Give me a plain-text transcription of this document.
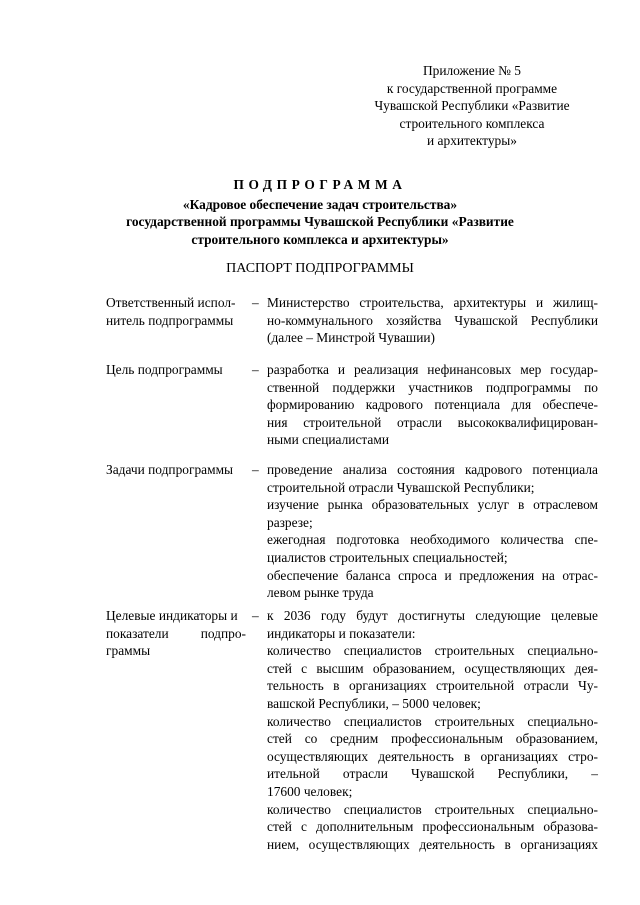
Приложение № 5
к государственной программе
Чувашской Республики «Развитие
строительного комплекса
и архитектуры»
ПОДПРОГРАММА
«Кадровое обеспечение задач строительства»
государственной программы Чувашской Республики «Развитие
строительного комплекса и архитектуры»
ПАСПОРТ ПОДПРОГРАММЫ
Ответственный испол-
нитель подпрограммы
– Министерство строительства, архитектуры и жилищ-
но-коммунального хозяйства Чувашской Республики
(далее – Минстрой Чувашии)
Цель подпрограммы	– разработка и реализация нефинансовых мер государ-
ственной поддержки участников подпрограммы по
формированию кадрового потенциала для обеспече-
ния строительной отрасли высококвалифицирован-
ными специалистами
Задачи подпрограммы	– проведение анализа состояния кадрового потенциала
строительной отрасли Чувашской Республики;
изучение рынка образовательных услуг в отраслевом
разрезе;
ежегодная подготовка необходимого количества спе-
циалистов строительных специальностей;
обеспечение баланса спроса и предложения на отрас-
левом рынке труда
Целевые индикаторы и
показатели подпро-
граммы
– к 2036 году будут достигнуты следующие целевые
индикаторы и показатели:
количество специалистов строительных специально-
стей с высшим образованием, осуществляющих дея-
тельность в организациях строительной отрасли Чу-
вашской Республики, – 5000 человек;
количество специалистов строительных специально-
стей со средним профессиональным образованием,
осуществляющих деятельность в организациях стро-
ительной отрасли Чувашской Республики, –
17600 человек;
количество специалистов строительных специально-
стей с дополнительным профессиональным образова-
нием, осуществляющих деятельность в организациях
